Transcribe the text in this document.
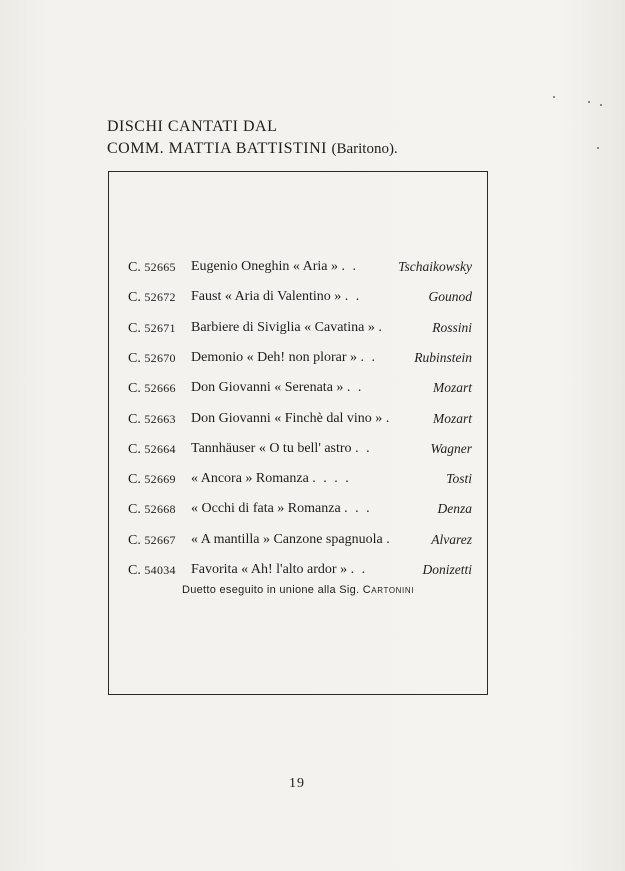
DISCHI CANTATI DAL
COMM. MATTIA BATTISTINI (Baritono).
C. 52665 Eugenio Oneghin « Aria » . .	Tschaikowsky
C. 52672 Faust « Aria di Valentino » . .	Gounod
C. 52671 Barbiere di Siviglia « Cavatina » .	Rossini
C. 52670 Demonio « Deh! non plorar » . .	Rubinstein
C. 52666 Don Giovanni « Serenata » . .	Mozart
C. 52663 Don Giovanni « Finchè dal vino » .	Mozart
C. 52664 Tannhäuser « O tu bell' astro . .	Wagner
C. 52669 « Ancora » Romanza . . . .	Tosti
C. 52668 « Occhi di fata » Romanza . . .	Denza
C. 52667 « A mantilla » Canzone spagnuola .	Alvarez
C. 54034 Favorita « Ah! l'alto ardor » . .	Donizetti
Duetto eseguito in unione alla Sig. Cartonini
19
